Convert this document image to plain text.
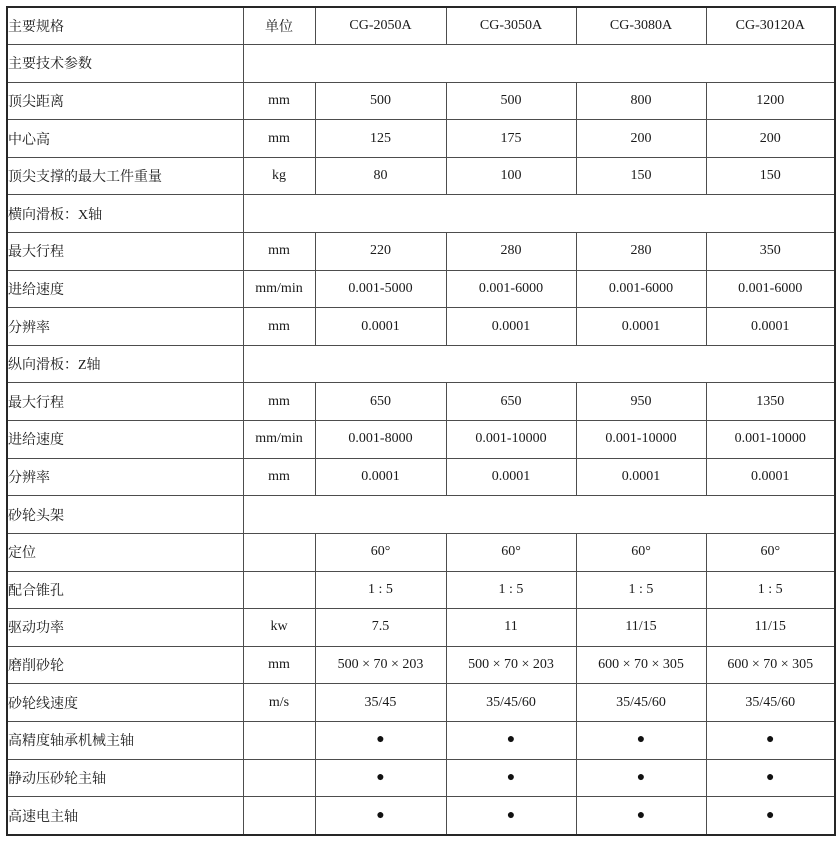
主要规格	单位	CG-2050A	CG-3050A	CG-3080A	CG-30120A
主要技术参数					
顶尖距离	mm	500	500	800	1200
中心高	mm	125	175	200	200
顶尖支撑的最大工件重量	kg	80	100	150	150
横向滑板：X轴					
最大行程	mm	220	280	280	350
进给速度	mm/min	0.001-5000	0.001-6000	0.001-6000	0.001-6000
分辨率	mm	0.0001	0.0001	0.0001	0.0001
纵向滑板：Z轴					
最大行程	mm	650	650	950	1350
进给速度	mm/min	0.001-8000	0.001-10000	0.001-10000	0.001-10000
分辨率	mm	0.0001	0.0001	0.0001	0.0001
砂轮头架					
定位		60°	60°	60°	60°
配合锥孔		1 : 5	1 : 5	1 : 5	1 : 5
驱动功率	kw	7.5	11	11/15	11/15
磨削砂轮	mm	500 × 70 × 203	500 × 70 × 203	600 × 70 × 305	600 × 70 × 305
砂轮线速度	m/s	35/45	35/45/60	35/45/60	35/45/60
高精度轴承机械主轴		●	●	●	●
静动压砂轮主轴		●	●	●	●
高速电主轴		●	●	●	●
